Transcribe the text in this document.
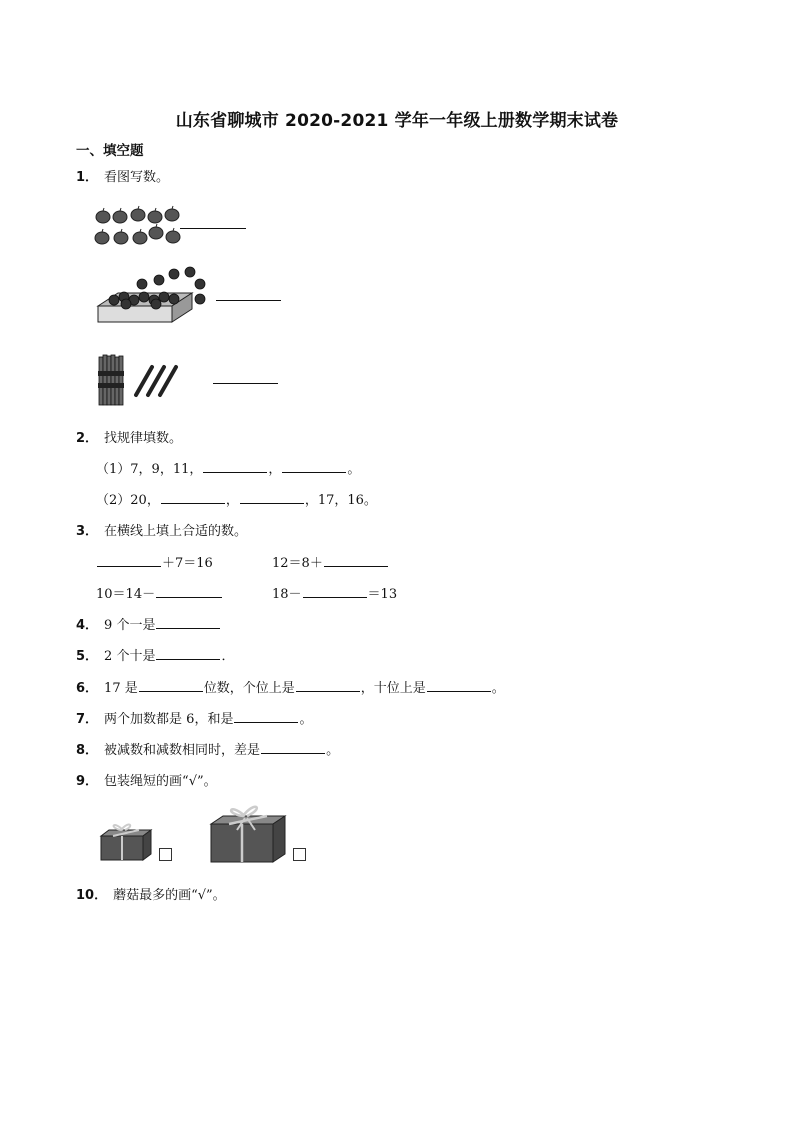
山东省聊城市 2020-2021 学年一年级上册数学期末试卷
一、填空题
1． 看图写数。
2． 找规律填数。
（1）7，9，11，	，	。
（2）20，	，	，17，16。
3． 在横线上填上合适的数。
＋7＝16	12＝8＋
10＝14－	18－	＝13
4． 9 个一是
5． 2 个十是	．
6． 17 是	位数，个位上是	，十位上是	。
7． 两个加数都是 6，和是	。
8． 被减数和减数相同时，差是	。
9． 包装绳短的画“√”。
10． 蘑菇最多的画“√”。
